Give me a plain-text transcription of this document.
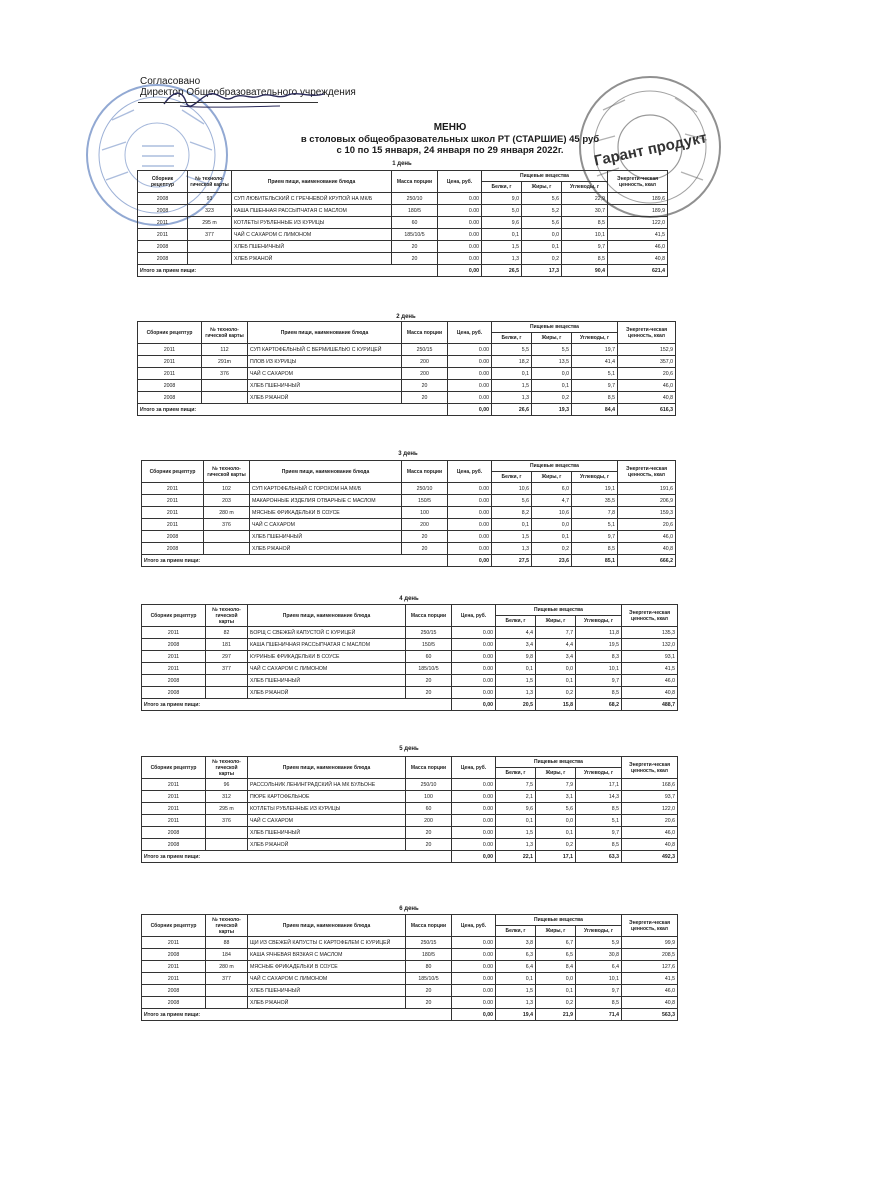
Гарант продукт
Согласовано
Директор Общеобразовательного учреждения
МЕНЮ
в столовых общеобразовательных школ РТ (СТАРШИЕ) 45 руб
с 10 по 15 января, 24 января по 29 января 2022г.
1 день
Сборник рецептур	№ техноло-гической карты	Прием пищи, наименование блюда	Масса порции	Цена, руб.	Пищевые вещества			Энергети-ческая ценность, ккал
					Белки, г	Жиры, г	Углеводы, г	
2008	93	СУП ЛЮБИТЕЛЬСКИЙ С ГРЕЧНЕВОЙ КРУПОЙ НА МК/Б	250/10	0.00	9,0	5,6	22,9	189,6
2008	323	КАША ПШЕННАЯ РАССЫПЧАТАЯ С МАСЛОМ	180/5	0.00	5,0	5,2	30,7	189,9
2011	295 m	КОТЛЕТЫ РУБЛЕННЫЕ ИЗ КУРИЦЫ	60	0.00	9,6	5,6	8,5	122,0
2011	377	ЧАЙ С САХАРОМ С ЛИМОНОМ	185/10/5	0.00	0,1	0,0	10,1	41,5
2008		ХЛЕБ ПШЕНИЧНЫЙ	20	0.00	1,5	0,1	9,7	46,0
2008		ХЛЕБ РЖАНОЙ	20	0.00	1,3	0,2	8,5	40,8
Итого за прием пищи:				0,00	26,5	17,3	90,4	621,4
2 день
Сборник рецептур	№ техноло-гической карты	Прием пищи, наименование блюда	Масса порции	Цена, руб.	Пищевые вещества			Энергети-ческая ценность, ккал
					Белки, г	Жиры, г	Углеводы, г	
2011	112	СУП КАРТОФЕЛЬНЫЙ С ВЕРМИШЕЛЬЮ С КУРИЦЕЙ	250/15	0.00	5,5	5,5	19,7	152,9
2011	291m	ПЛОВ ИЗ КУРИЦЫ	200	0.00	18,2	13,5	41,4	357,0
2011	376	ЧАЙ С САХАРОМ	200	0.00	0,1	0,0	5,1	20,6
2008		ХЛЕБ ПШЕНИЧНЫЙ	20	0.00	1,5	0,1	9,7	46,0
2008		ХЛЕБ РЖАНОЙ	20	0.00	1,3	0,2	8,5	40,8
Итого за прием пищи:				0,00	26,6	19,3	84,4	616,3
3 день
Сборник рецептур	№ техноло-гической карты	Прием пищи, наименование блюда	Масса порции	Цена, руб.	Пищевые вещества			Энергети-ческая ценность, ккал
					Белки, г	Жиры, г	Углеводы, г	
2011	102	СУП КАРТОФЕЛЬНЫЙ С ГОРОХОМ НА МК/Б	250/10	0.00	10,6	6,0	19,1	191,6
2011	203	МАКАРОННЫЕ ИЗДЕЛИЯ ОТВАРНЫЕ С МАСЛОМ	150/5	0.00	5,6	4,7	35,5	206,9
2011	280 m	МЯСНЫЕ ФРИКАДЕЛЬКИ В СОУСЕ	100	0.00	8,2	10,6	7,8	159,3
2011	376	ЧАЙ С САХАРОМ	200	0.00	0,1	0,0	5,1	20,6
2008		ХЛЕБ ПШЕНИЧНЫЙ	20	0.00	1,5	0,1	9,7	46,0
2008		ХЛЕБ РЖАНОЙ	20	0.00	1,3	0,2	8,5	40,8
Итого за прием пищи:				0,00	27,5	23,6	85,1	666,2
4 день
Сборник рецептур	№ техноло-гической карты	Прием пищи, наименование блюда	Масса порции	Цена, руб.	Пищевые вещества			Энергети-ческая ценность, ккал
					Белки, г	Жиры, г	Углеводы, г	
2011	82	БОРЩ С СВЕЖЕЙ КАПУСТОЙ С КУРИЦЕЙ	250/15	0.00	4,4	7,7	11,8	135,3
2008	181	КАША ПШЕНИЧНАЯ РАССЫПЧАТАЯ С МАСЛОМ	150/5	0.00	3,4	4,4	19,5	132,0
2011	297	КУРИНЫЕ ФРИКАДЕЛЬКИ В СОУСЕ	60	0.00	9,8	3,4	8,3	93,1
2011	377	ЧАЙ С САХАРОМ С ЛИМОНОМ	185/10/5	0.00	0,1	0,0	10,1	41,5
2008		ХЛЕБ ПШЕНИЧНЫЙ	20	0.00	1,5	0,1	9,7	46,0
2008		ХЛЕБ РЖАНОЙ	20	0.00	1,3	0,2	8,5	40,8
Итого за прием пищи:				0,00	20,5	15,8	68,2	488,7
5 день
Сборник рецептур	№ техноло-гической карты	Прием пищи, наименование блюда	Масса порции	Цена, руб.	Пищевые вещества			Энергети-ческая ценность, ккал
					Белки, г	Жиры, г	Углеводы, г	
2011	96	РАССОЛЬНИК ЛЕНИНГРАДСКИЙ НА МК БУЛЬОНЕ	250/10	0.00	7,5	7,9	17,1	168,6
2011	312	ПЮРЕ КАРТОФЕЛЬНОЕ	100	0.00	2,1	3,1	14,3	93,7
2011	295 m	КОТЛЕТЫ РУБЛЕННЫЕ ИЗ КУРИЦЫ	60	0.00	9,6	5,6	8,5	122,0
2011	376	ЧАЙ С САХАРОМ	200	0.00	0,1	0,0	5,1	20,6
2008		ХЛЕБ ПШЕНИЧНЫЙ	20	0.00	1,5	0,1	9,7	46,0
2008		ХЛЕБ РЖАНОЙ	20	0.00	1,3	0,2	8,5	40,8
Итого за прием пищи:				0,00	22,1	17,1	63,3	492,3
6 день
Сборник рецептур	№ техноло-гической карты	Прием пищи, наименование блюда	Масса порции	Цена, руб.	Пищевые вещества			Энергети-ческая ценность, ккал
					Белки, г	Жиры, г	Углеводы, г	
2011	88	ЩИ ИЗ СВЕЖЕЙ КАПУСТЫ С КАРТОФЕЛЕМ С КУРИЦЕЙ	250/15	0.00	3,8	6,7	5,9	99,9
2008	184	КАША ЯЧНЕВАЯ ВЯЗКАЯ С МАСЛОМ	180/5	0.00	6,3	6,5	30,8	208,5
2011	280 m	МЯСНЫЕ ФРИКАДЕЛЬКИ В СОУСЕ	80	0.00	6,4	8,4	6,4	127,6
2011	377	ЧАЙ С САХАРОМ С ЛИМОНОМ	185/10/5	0.00	0,1	0,0	10,1	41,5
2008		ХЛЕБ ПШЕНИЧНЫЙ	20	0.00	1,5	0,1	9,7	46,0
2008		ХЛЕБ РЖАНОЙ	20	0.00	1,3	0,2	8,5	40,8
Итого за прием пищи:				0,00	19,4	21,9	71,4	563,3
